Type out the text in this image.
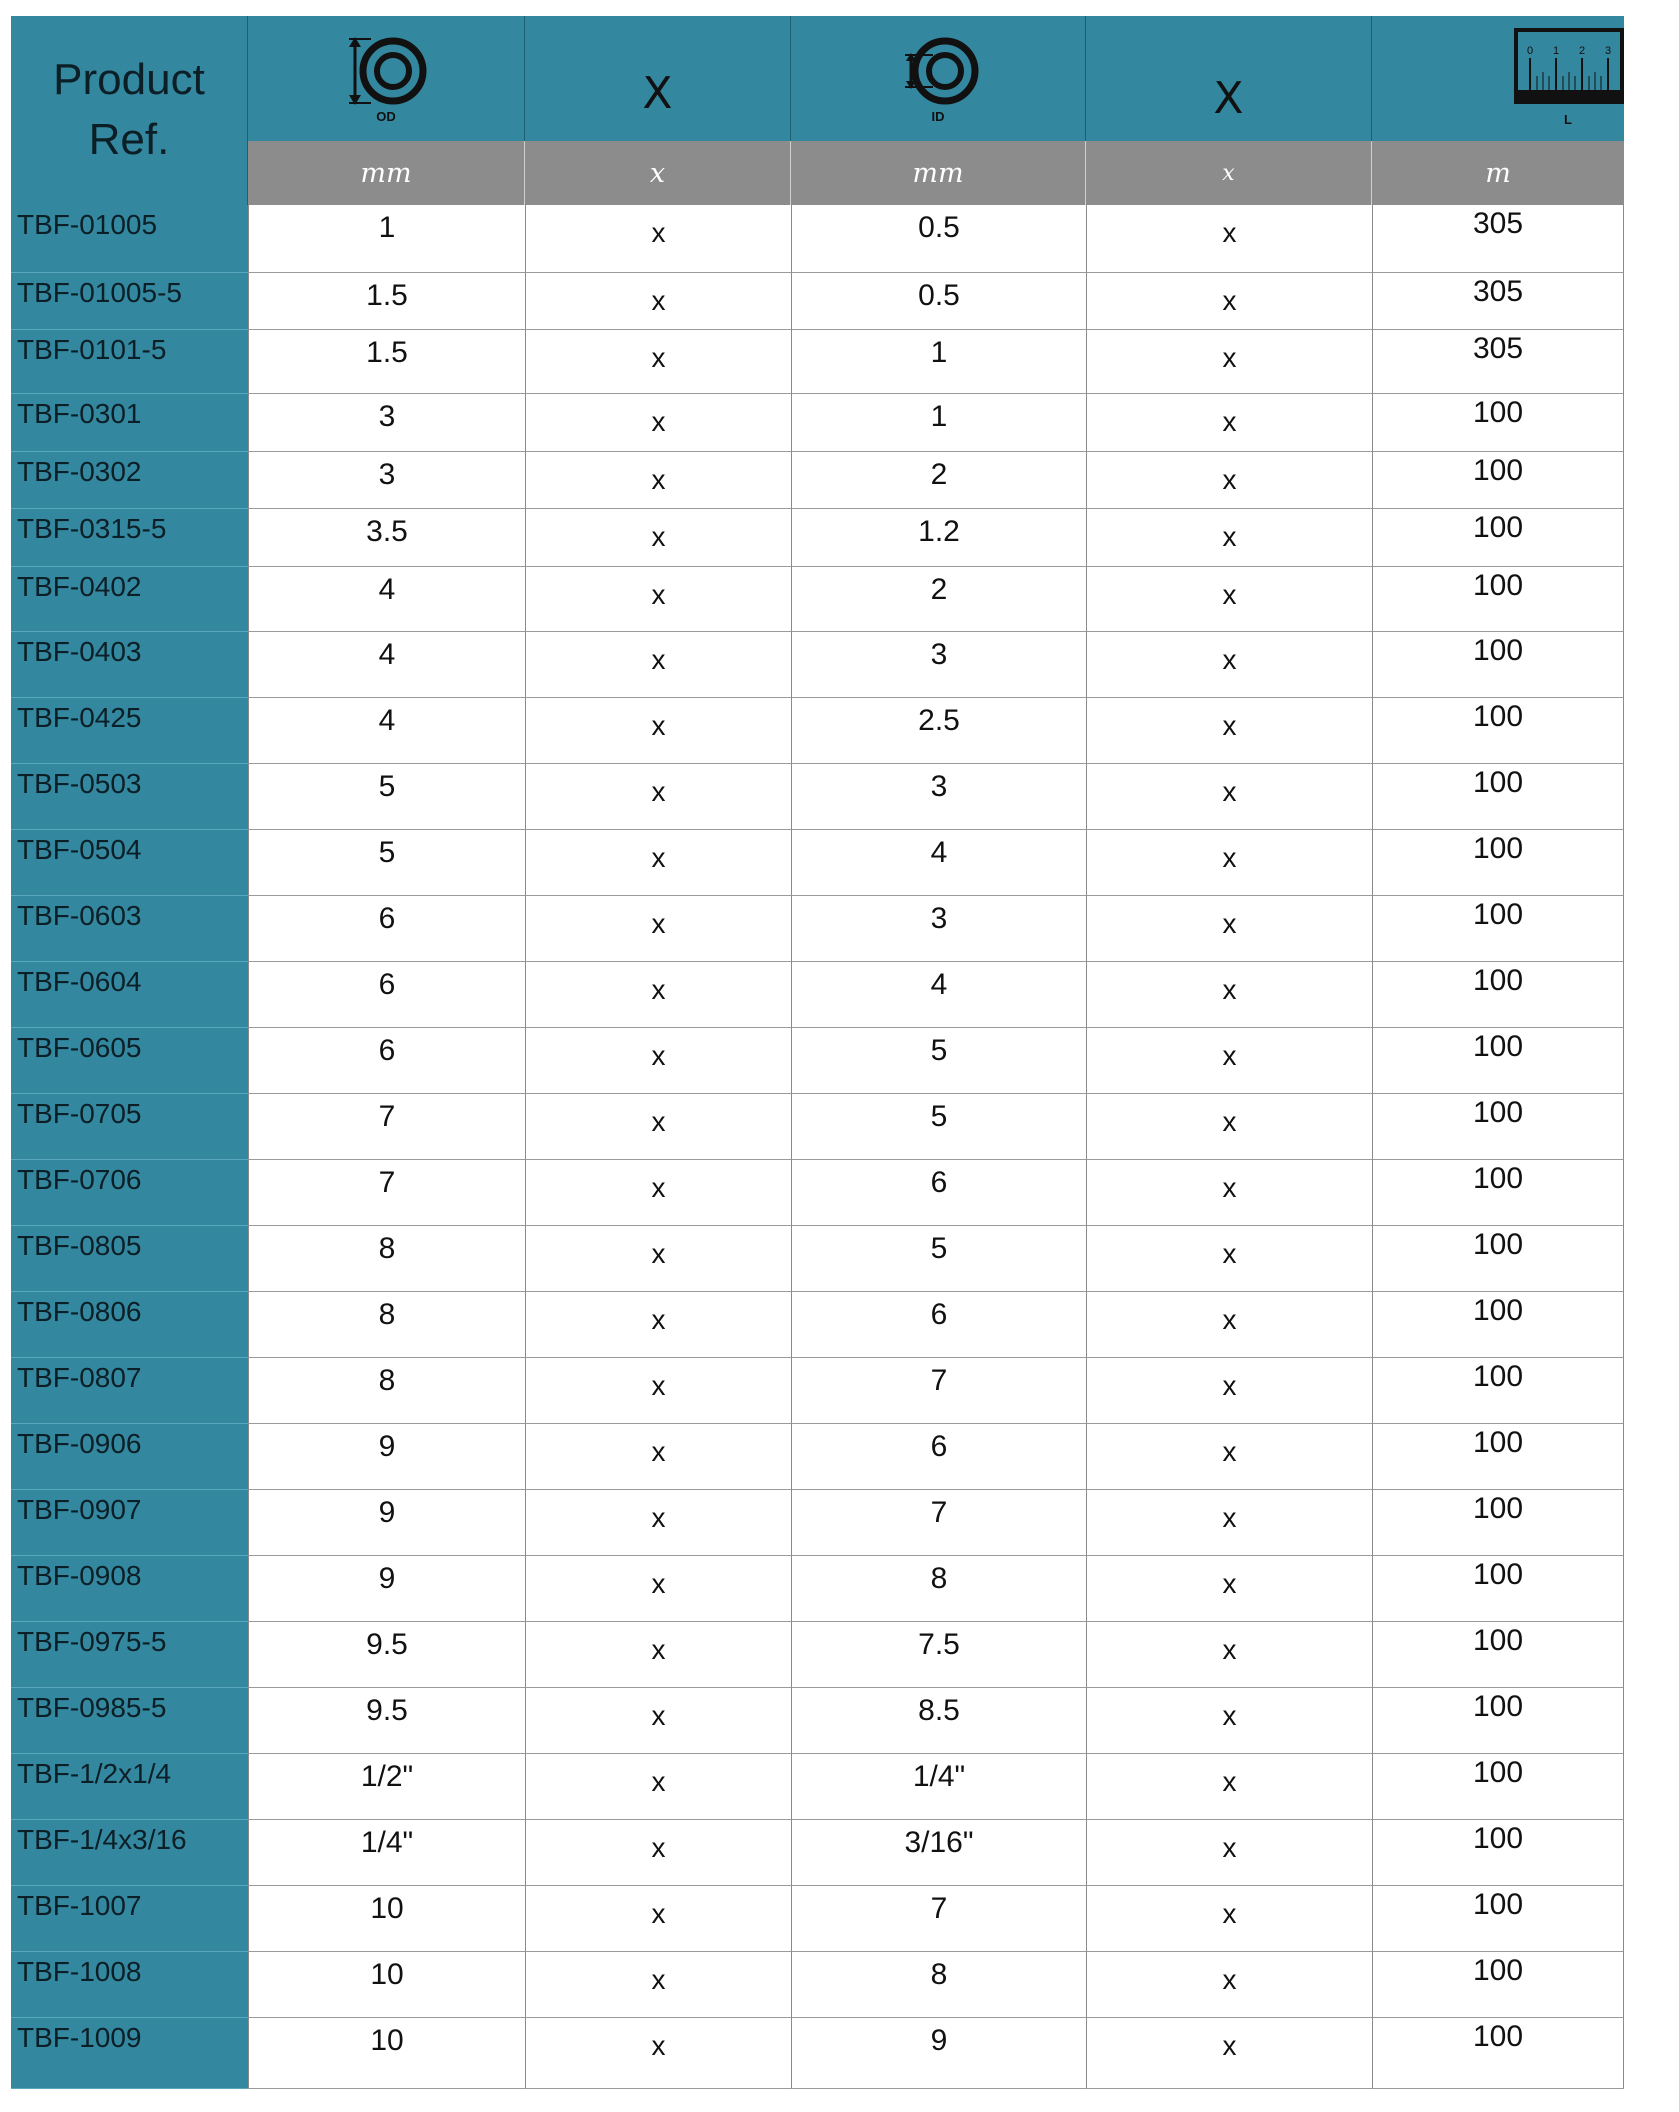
Product
Ref.	OD	X	ID	X
0 1 2 3
L
mm	x	mm	x	m
TBF-01005	1	x	0.5	x	305
TBF-01005-5	1.5	x	0.5	x	305
TBF-0101-5	1.5	x	1	x	305
TBF-0301	3	x	1	x	100
TBF-0302	3	x	2	x	100
TBF-0315-5	3.5	x	1.2	x	100
TBF-0402	4	x	2	x	100
TBF-0403	4	x	3	x	100
TBF-0425	4	x	2.5	x	100
TBF-0503	5	x	3	x	100
TBF-0504	5	x	4	x	100
TBF-0603	6	x	3	x	100
TBF-0604	6	x	4	x	100
TBF-0605	6	x	5	x	100
TBF-0705	7	x	5	x	100
TBF-0706	7	x	6	x	100
TBF-0805	8	x	5	x	100
TBF-0806	8	x	6	x	100
TBF-0807	8	x	7	x	100
TBF-0906	9	x	6	x	100
TBF-0907	9	x	7	x	100
TBF-0908	9	x	8	x	100
TBF-0975-5	9.5	x	7.5	x	100
TBF-0985-5	9.5	x	8.5	x	100
TBF-1/2x1/4	1/2"	x	1/4"	x	100
TBF-1/4x3/16	1/4"	x	3/16"	x	100
TBF-1007	10	x	7	x	100
TBF-1008	10	x	8	x	100
TBF-1009	10	x	9	x	100
